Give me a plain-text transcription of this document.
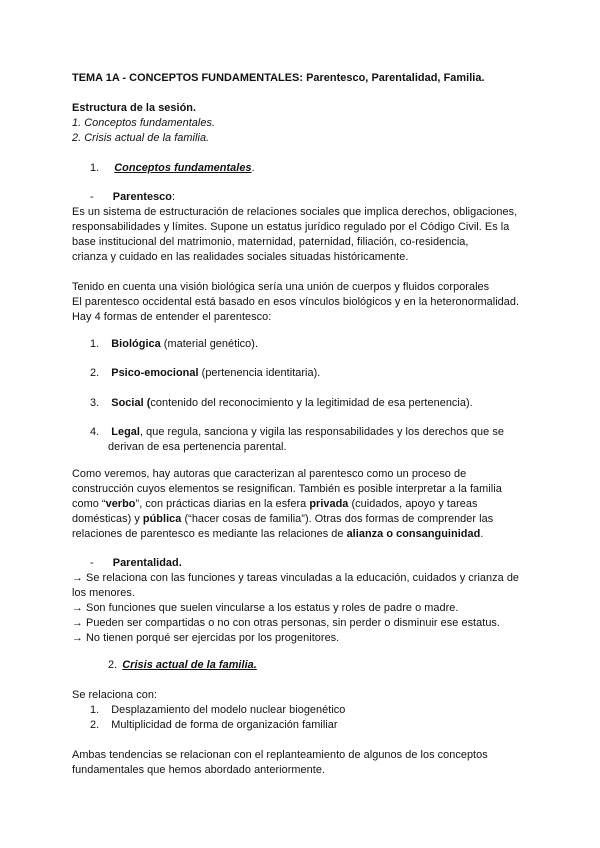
TEMA 1A - CONCEPTOS FUNDAMENTALES: Parentesco, Parentalidad, Familia.
Estructura de la sesión.
1. Conceptos fundamentales.
2. Crisis actual de la familia.
1. Conceptos fundamentales.
- Parentesco:
Es un sistema de estructuración de relaciones sociales que implica derechos, obligaciones,
responsabilidades y límites. Supone un estatus jurídico regulado por el Código Civil. Es la
base institucional del matrimonio, maternidad, paternidad, filiación, co-residencia,
crianza y cuidado en las realidades sociales situadas históricamente.
Tenido en cuenta una visión biológica sería una unión de cuerpos y fluidos corporales
El parentesco occidental está basado en esos vínculos biológicos y en la heteronormalidad.
Hay 4 formas de entender el parentesco:
1. Biológica (material genético).
2. Psico-emocional (pertenencia identitaria).
3. Social (contenido del reconocimiento y la legitimidad de esa pertenencia).
4. Legal, que regula, sanciona y vigila las responsabilidades y los derechos que se
derivan de esa pertenencia parental.
Como veremos, hay autoras que caracterizan al parentesco como un proceso de
construcción cuyos elementos se resignifican. También es posible interpretar a la familia
como “verbo”, con prácticas diarias en la esfera privada (cuidados, apoyo y tareas
domésticas) y pública (“hacer cosas de familia”). Otras dos formas de comprender las
relaciones de parentesco es mediante las relaciones de alianza o consanguinidad.
- Parentalidad.
→ Se relaciona con las funciones y tareas vinculadas a la educación, cuidados y crianza de
los menores.
→ Son funciones que suelen vincularse a los estatus y roles de padre o madre.
→ Pueden ser compartidas o no con otras personas, sin perder o disminuir ese estatus.
→ No tienen porqué ser ejercidas por los progenitores.
2. Crisis actual de la familia.
Se relaciona con:
1. Desplazamiento del modelo nuclear biogenético
2. Multiplicidad de forma de organización familiar
Ambas tendencias se relacionan con el replanteamiento de algunos de los conceptos
fundamentales que hemos abordado anteriormente.
